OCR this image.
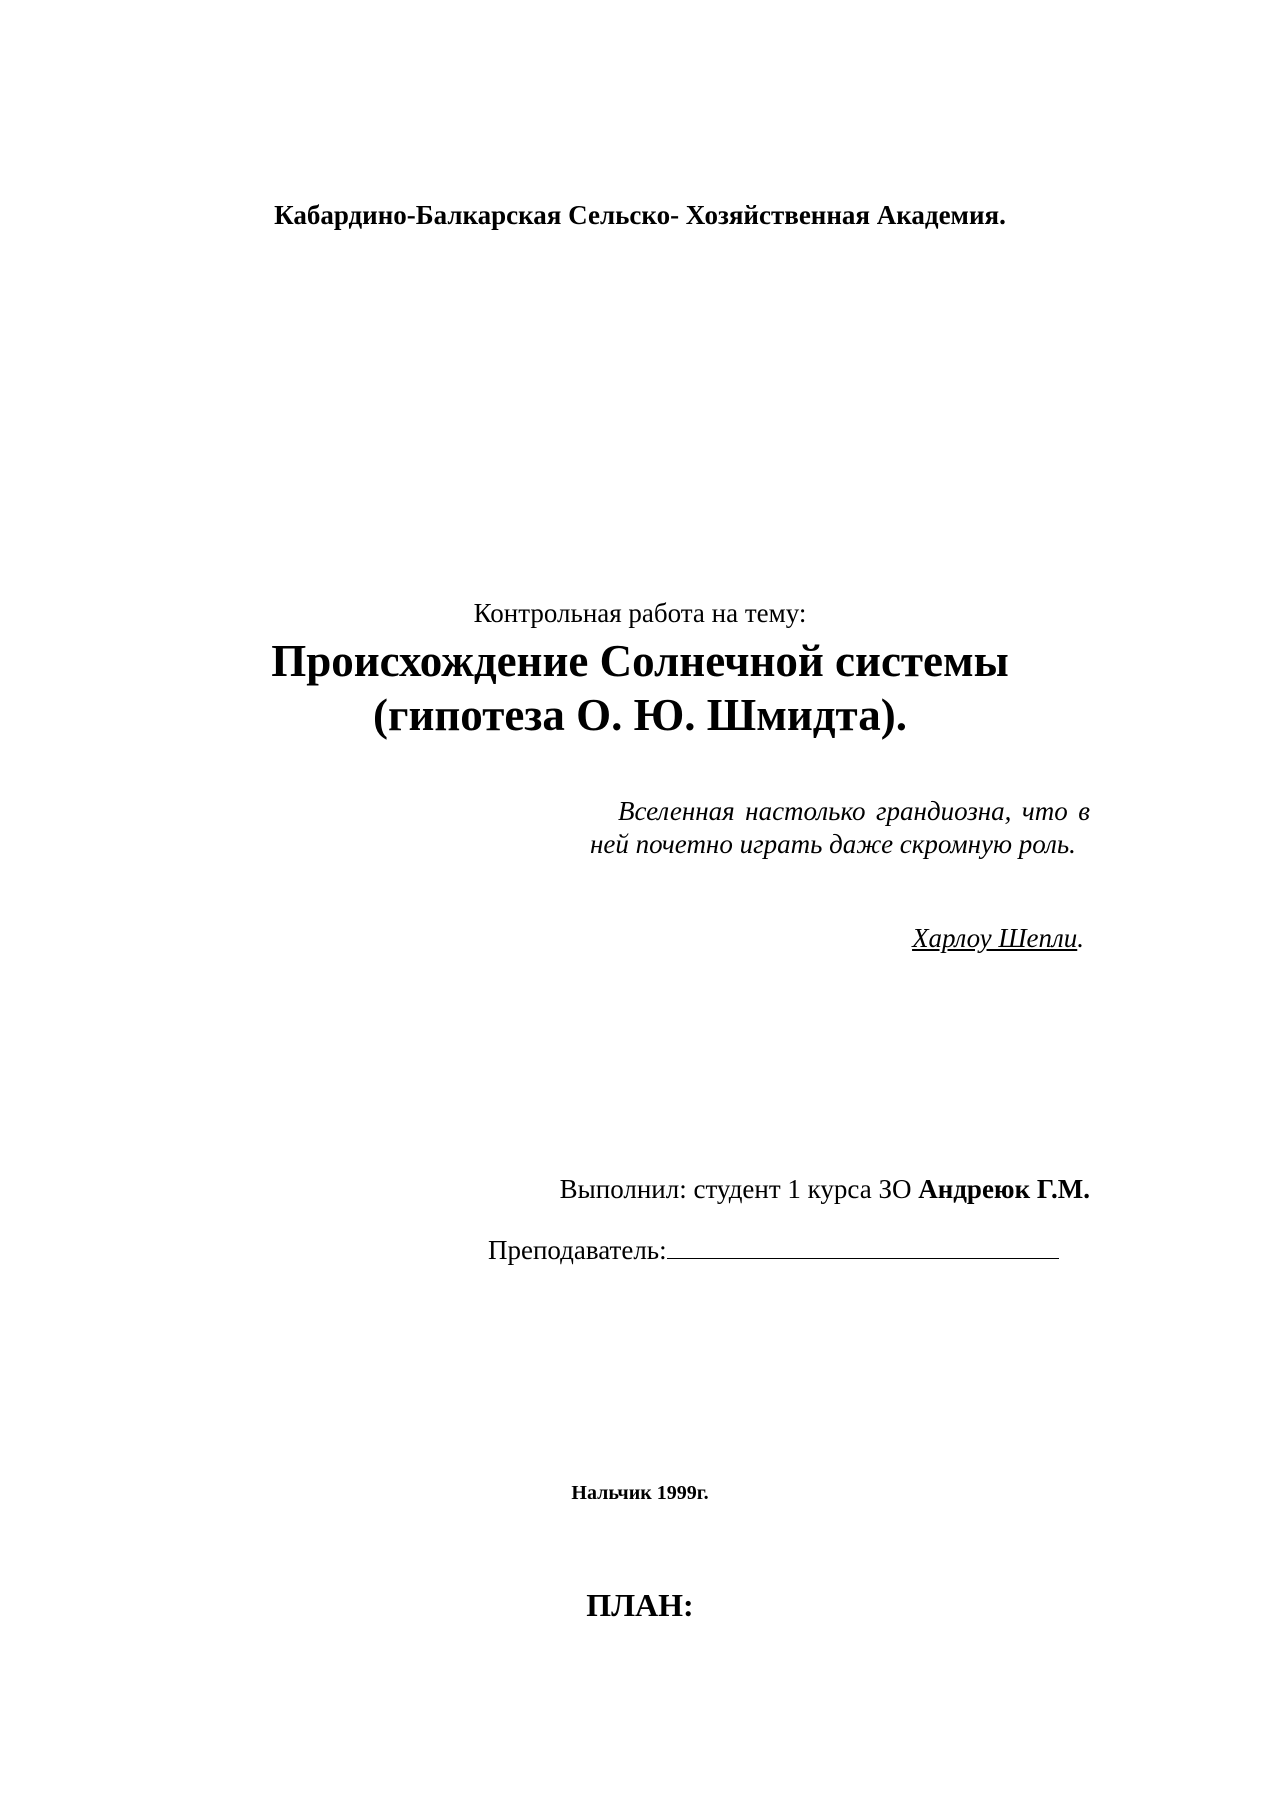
Кабардино-Балкарская Сельско- Хозяйственная Академия.

Контрольная работа на тему:

Происхождение Солнечной системы
(гипотеза О. Ю. Шмидта).

Вселенная настолько грандиозна, что в ней почетно играть даже скромную роль.

Харлоу Шепли.

Выполнил: студент 1 курса ЗО Андреюк Г.М.

Преподаватель:

Нальчик 1999г.

ПЛАН:
